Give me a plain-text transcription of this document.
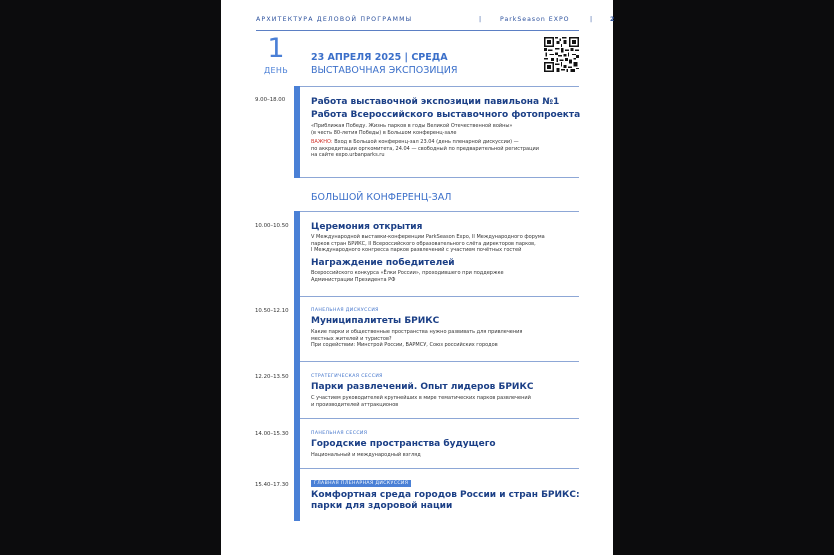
АРХИТЕКТУРА ДЕЛОВОЙ ПРОГРАММЫ	|	ParkSeason EXPO	|	2
1
ДЕНЬ
23 АПРЕЛЯ 2025 | СРЕДА
ВЫСТАВОЧНАЯ ЭКСПОЗИЦИЯ
9.00–18.00	Работа выставочной экспозиции павильона №1
Работа Всероссийского выставочного фотопроекта
«Приближая Победу. Жизнь парков в годы Великой Отечественной войны»
(в честь 80-летия Победы) в Большом конференц-зале
ВАЖНО: Вход в Большой конференц-зал 23.04 (день пленарной дискуссии) —
по аккредитации оргкомитета, 24.04 — свободный по предварительной регистрации
на сайте expo.urbanparks.ru
БОЛЬШОЙ КОНФЕРЕНЦ-ЗАЛ
10.00–10.50 Церемония открытия
V Международной выставки-конференции ParkSeason Expo, II Международного форума
парков стран БРИКС, II Всероссийского образовательного слёта директоров парков,
I Международного конгресса парков развлечений с участием почётных гостей
Награждение победителей
Всероссийского конкурса «Ёлки России», проходившего при поддержке
Администрации Президента РФ
10.50–12.10	ПАНЕЛЬНАЯ ДИСКУССИЯ
Муниципалитеты БРИКС
Какие парки и общественные пространства нужно развивать для привлечения
местных жителей и туристов?
При содействии: Минстрой России, ВАРМСУ, Союз российских городов
12.20–13.50	СТРАТЕГИЧЕСКАЯ СЕССИЯ
Парки развлечений. Опыт лидеров БРИКС
С участием руководителей крупнейших в мире тематических парков развлечений
и производителей аттракционов
14.00–15.30	ПАНЕЛЬНАЯ СЕССИЯ
Городские пространства будущего
Национальный и международный взгляд
15.40–17.30	ГЛАВНАЯ ПЛЕНАРНАЯ ДИСКУССИЯ
Комфортная среда городов России и стран БРИКС:
парки для здоровой нации
